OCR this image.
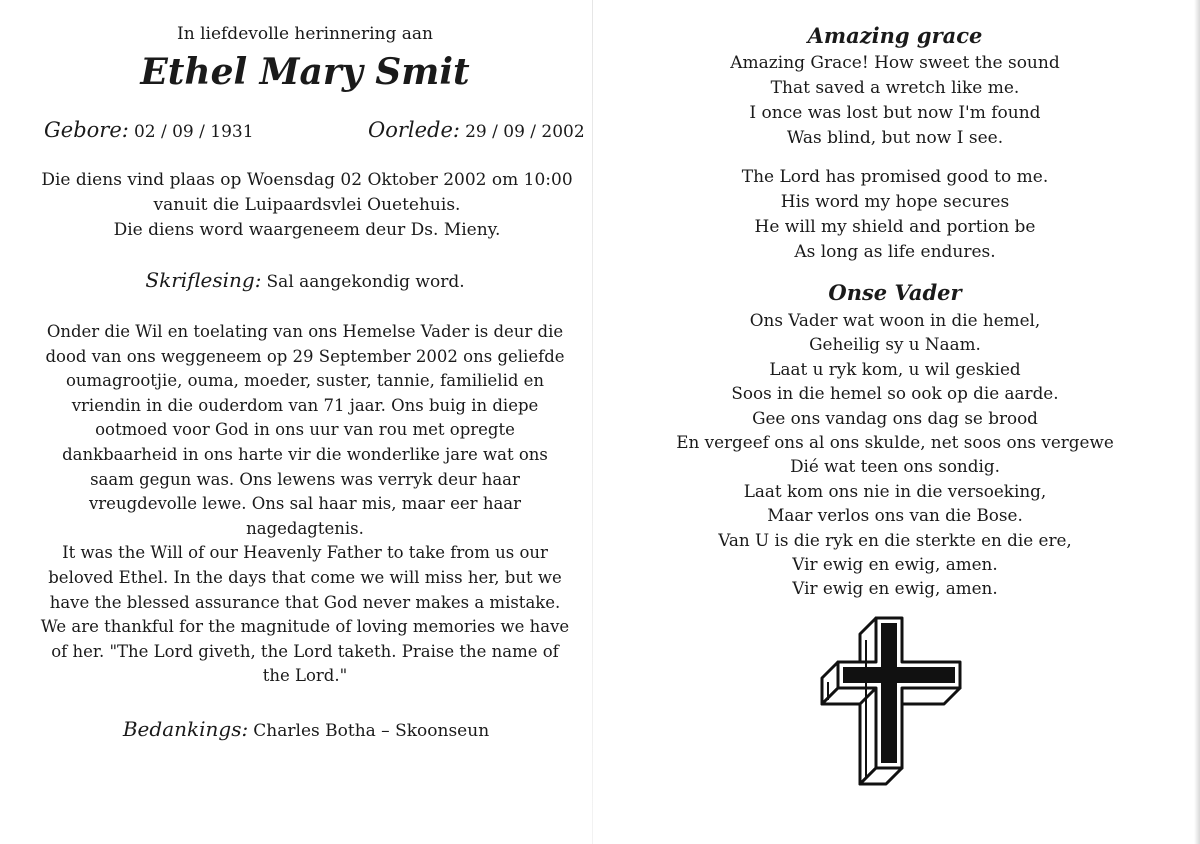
In liefdevolle herinnering aan

Ethel Mary Smit
Gebore: 02 / 09 / 1931	Oorlede: 29 / 09 / 2002
Die diens vind plaas op Woensdag 02 Oktober 2002 om 10:00
vanuit die Luipaardsvlei Ouetehuis.
Die diens word waargeneem deur Ds. Mieny.
Skriflesing: Sal aangekondig word.
Onder die Wil en toelating van ons Hemelse Vader is deur die
dood van ons weggeneem op 29 September 2002 ons geliefde
oumagrootjie, ouma, moeder, suster, tannie, familielid en
vriendin in die ouderdom van 71 jaar. Ons buig in diepe
ootmoed voor God in ons uur van rou met opregte
dankbaarheid in ons harte vir die wonderlike jare wat ons
saam gegun was. Ons lewens was verryk deur haar
vreugdevolle lewe. Ons sal haar mis, maar eer haar
nagedagtenis.
It was the Will of our Heavenly Father to take from us our
beloved Ethel. In the days that come we will miss her, but we
have the blessed assurance that God never makes a mistake.
We are thankful for the magnitude of loving memories we have
of her. "The Lord giveth, the Lord taketh. Praise the name of
the Lord."
Bedankings: Charles Botha – Skoonseun
Amazing grace
Amazing Grace! How sweet the sound
That saved a wretch like me.
I once was lost but now I'm found
Was blind, but now I see.
The Lord has promised good to me.
His word my hope secures
He will my shield and portion be
As long as life endures.
Onse Vader
Ons Vader wat woon in die hemel,
Geheilig sy u Naam.
Laat u ryk kom, u wil geskied
Soos in die hemel so ook op die aarde.
Gee ons vandag ons dag se brood
En vergeef ons al ons skulde, net soos ons vergewe
Dié wat teen ons sondig.
Laat kom ons nie in die versoeking,
Maar verlos ons van die Bose.
Van U is die ryk en die sterkte en die ere,
Vir ewig en ewig, amen.
Vir ewig en ewig, amen.
